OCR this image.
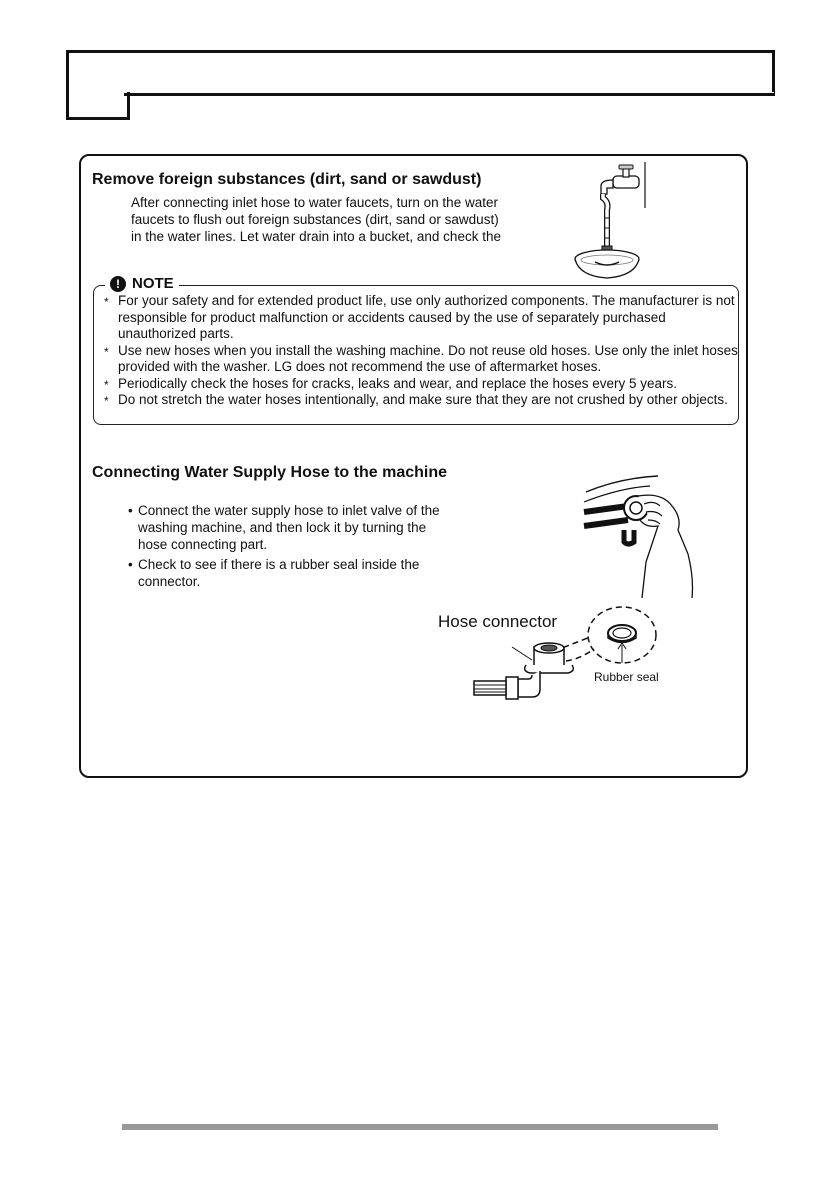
Remove foreign substances (dirt, sand or sawdust)
After connecting inlet hose to water faucets, turn on the water
faucets to flush out foreign substances (dirt, sand or sawdust)
in the water lines. Let water drain into a bucket, and check the
! NOTE
* For your safety and for extended product life, use only authorized components. The manufacturer is not responsible for product malfunction or accidents caused by the use of separately purchased unauthorized parts.
* Use new hoses when you install the washing machine. Do not reuse old hoses. Use only the inlet hoses provided with the washer. LG does not recommend the use of aftermarket hoses.
* Periodically check the hoses for cracks, leaks and wear, and replace the hoses every 5 years.
* Do not stretch the water hoses intentionally, and make sure that they are not crushed by other objects.
Connecting Water Supply Hose to the machine
• Connect the water supply hose to inlet valve of the washing machine, and then lock it by turning the hose connecting part.
• Check to see if there is a rubber seal inside the connector.
Hose connector
Rubber seal
